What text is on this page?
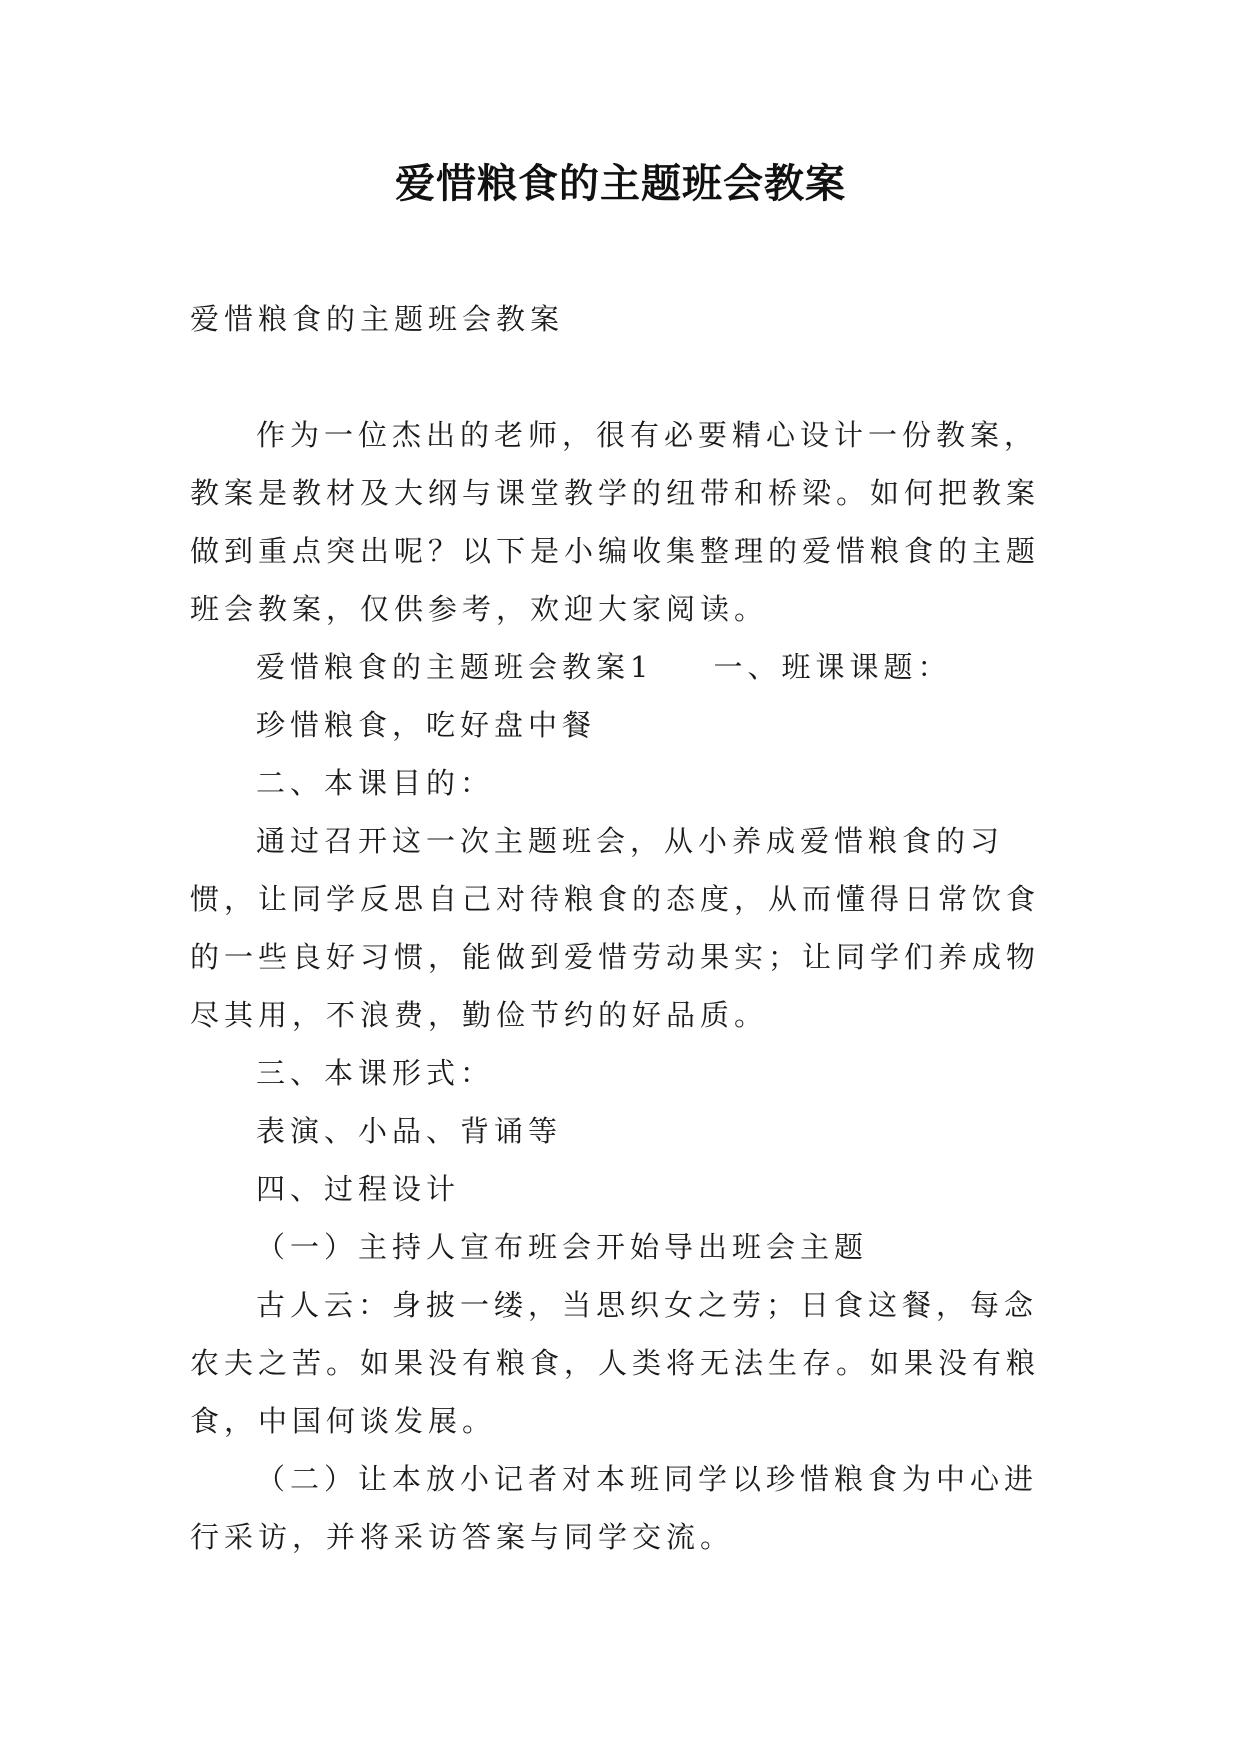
爱惜粮食的主题班会教案

爱惜粮食的主题班会教案

作为一位杰出的老师，很有必要精心设计一份教案，教案是教材及大纲与课堂教学的纽带和桥梁。如何把教案做到重点突出呢？以下是小编收集整理的爱惜粮食的主题班会教案，仅供参考，欢迎大家阅读。

爱惜粮食的主题班会教案1 一、班课课题：

珍惜粮食，吃好盘中餐

二、本课目的：

通过召开这一次主题班会，从小养成爱惜粮食的习惯，让同学反思自己对待粮食的态度，从而懂得日常饮食的一些良好习惯，能做到爱惜劳动果实；让同学们养成物尽其用，不浪费，勤俭节约的好品质。

三、本课形式：

表演、小品、背诵等

四、过程设计

（一）主持人宣布班会开始导出班会主题

古人云：身披一缕，当思织女之劳；日食这餐，每念农夫之苦。如果没有粮食，人类将无法生存。如果没有粮食，中国何谈发展。

（二）让本放小记者对本班同学以珍惜粮食为中心进行采访，并将采访答案与同学交流。
